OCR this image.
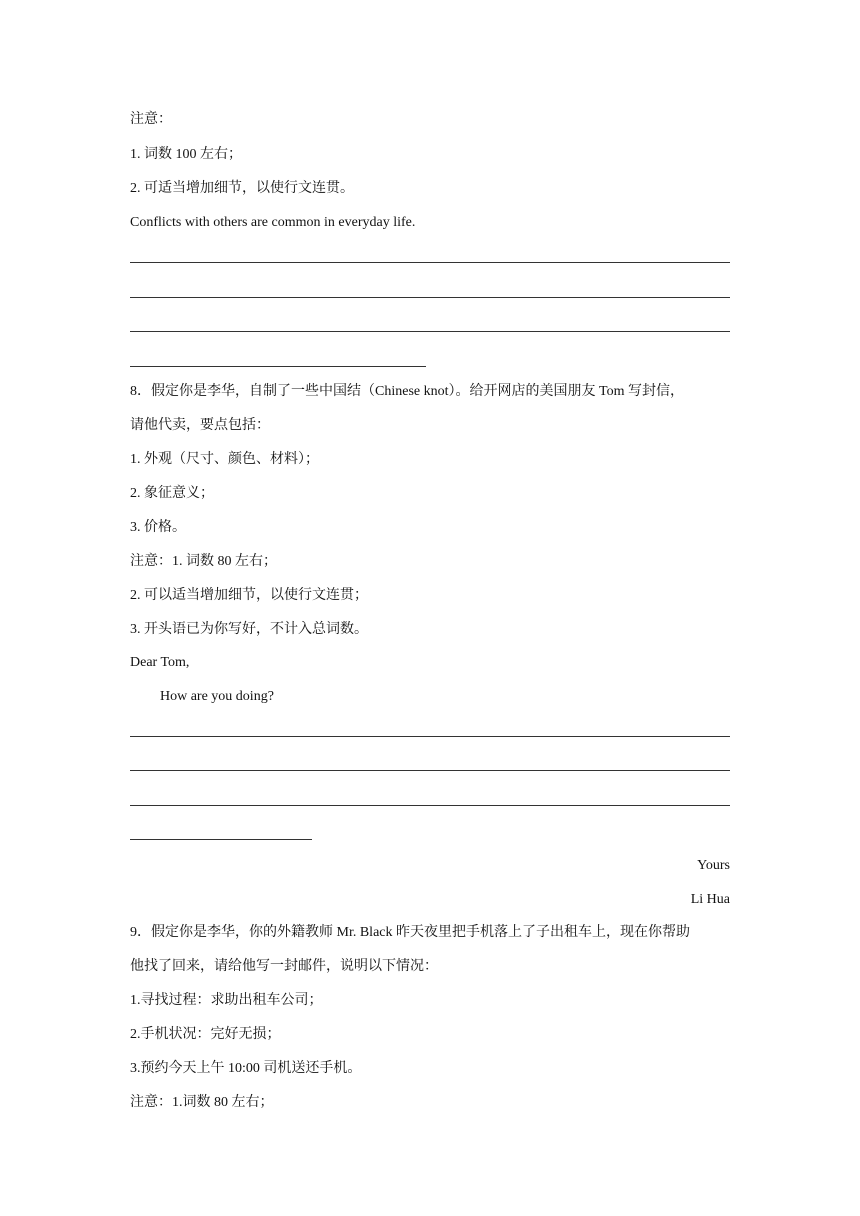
注意：
1. 词数 100 左右；
2. 可适当增加细节，以使行文连贯。
Conflicts with others are common in everyday life.
8．假定你是李华，自制了一些中国结（Chinese knot）。给开网店的美国朋友 Tom 写封信，
请他代卖，要点包括：
1. 外观（尺寸、颜色、材料）；
2. 象征意义；
3. 价格。
注意：1. 词数 80 左右；
2. 可以适当增加细节，以使行文连贯；
3. 开头语已为你写好，不计入总词数。
Dear Tom,
How are you doing?
Yours
Li Hua
9．假定你是李华，你的外籍教师 Mr. Black 昨天夜里把手机落上了子出租车上，现在你帮助
他找了回来，请给他写一封邮件，说明以下情况：
1.寻找过程：求助出租车公司；
2.手机状况：完好无损；
3.预约今天上午 10:00 司机送还手机。
注意：1.词数 80 左右；
